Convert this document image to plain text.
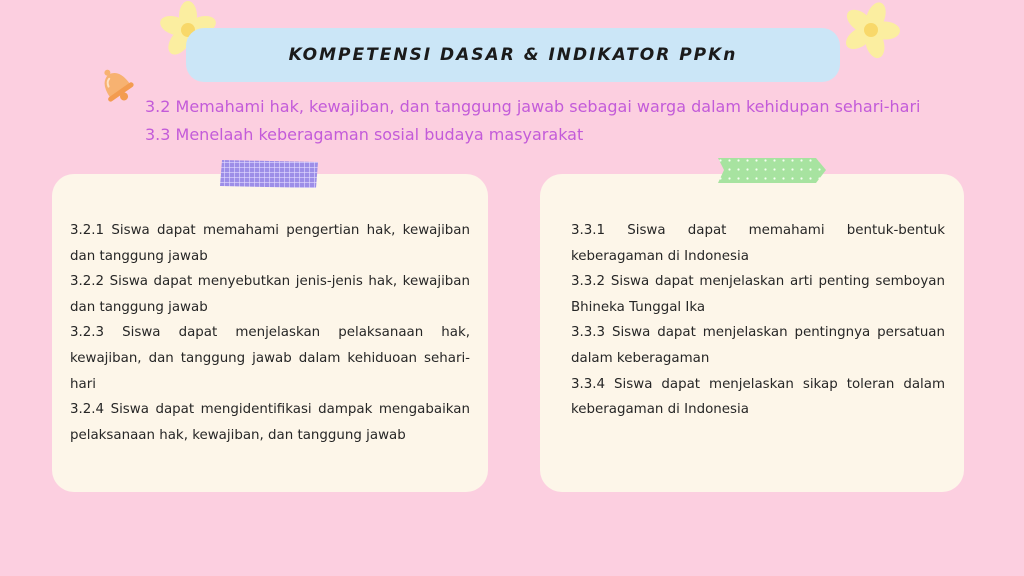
KOMPETENSI DASAR & INDIKATOR PPKn
3.2 Memahami hak, kewajiban, dan tanggung jawab sebagai warga dalam kehidupan sehari-hari
3.3 Menelaah keberagaman sosial budaya masyarakat
3.2.1 Siswa dapat memahami pengertian hak, kewajiban dan tanggung jawab
3.2.2 Siswa dapat menyebutkan jenis-jenis hak, kewajiban dan tanggung jawab
3.2.3 Siswa dapat menjelaskan pelaksanaan hak, kewajiban, dan tanggung jawab dalam kehiduoan sehari-hari
3.2.4 Siswa dapat mengidentifikasi dampak mengabaikan pelaksanaan hak, kewajiban, dan tanggung jawab
3.3.1 Siswa dapat memahami bentuk-bentuk keberagaman di Indonesia
3.3.2 Siswa dapat menjelaskan arti penting semboyan Bhineka Tunggal Ika
3.3.3 Siswa dapat menjelaskan pentingnya persatuan dalam keberagaman
3.3.4 Siswa dapat menjelaskan sikap toleran dalam keberagaman di Indonesia
